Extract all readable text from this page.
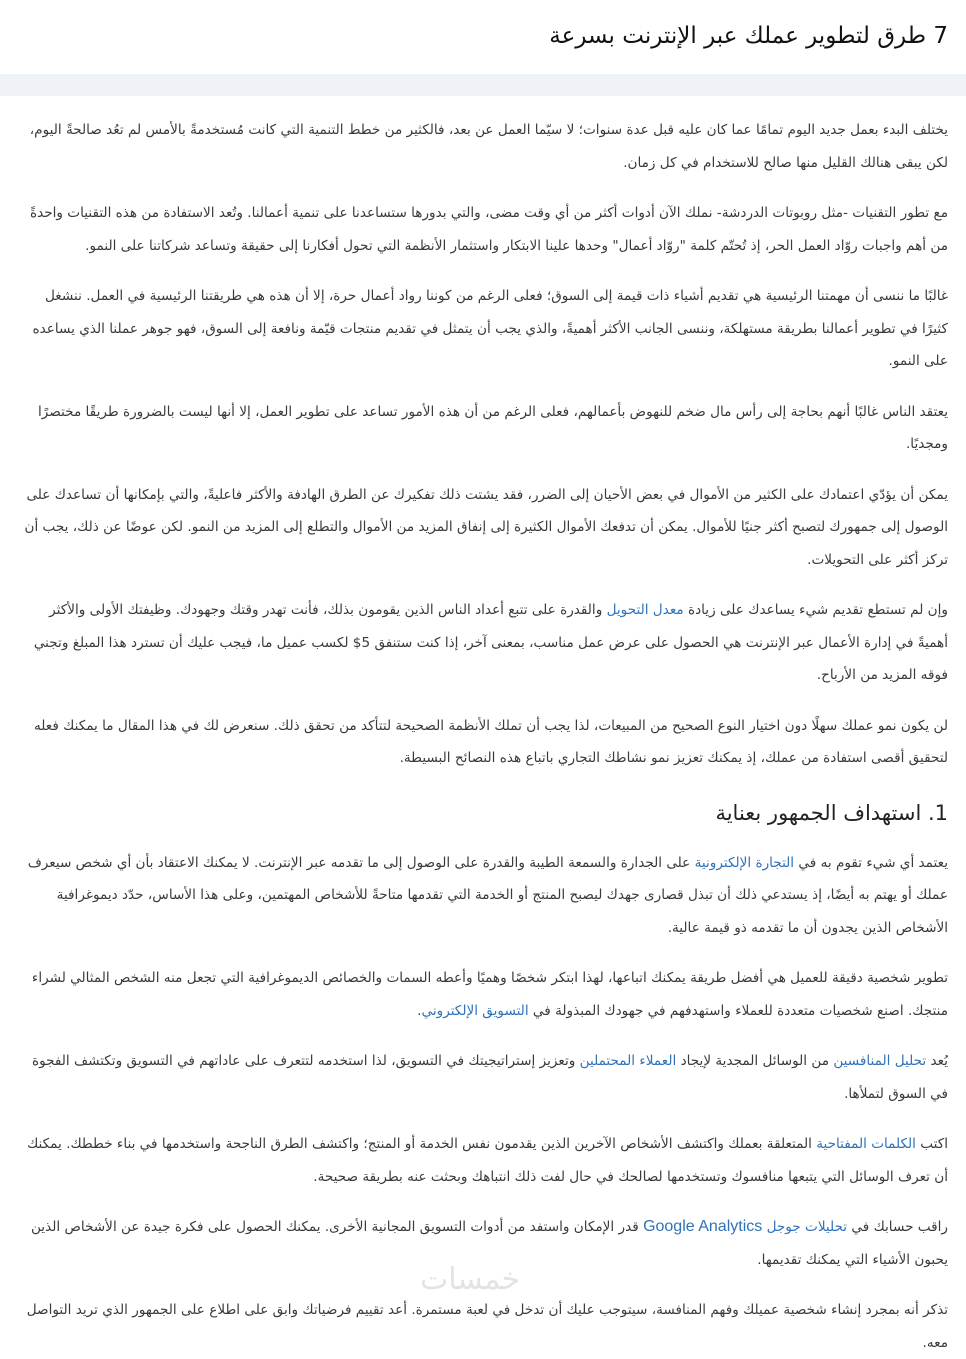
7 طرق لتطوير عملك عبر الإنترنت بسرعة

يختلف البدء بعمل جديد اليوم تمامًا عما كان عليه قبل عدة سنوات؛ لا سيّما العمل عن بعد، فالكثير من خطط التنمية التي كانت مُستخدمةً بالأمس لم تعُد صالحةً اليوم، لكن يبقى هنالك القليل منها صالح للاستخدام في كل زمان.

مع تطور التقنيات -مثل روبوتات الدردشة- نملك الآن أدوات أكثر من أي وقت مضى، والتي بدورها ستساعدنا على تنمية أعمالنا. وتُعد الاستفادة من هذه التقنيات واحدةً من أهم واجبات روّاد العمل الحر، إذ تُحتّم كلمة "روّاد أعمال" وحدها علينا الابتكار واستثمار الأنظمة التي تحول أفكارنا إلى حقيقة وتساعد شركاتنا على النمو.

غالبًا ما ننسى أن مهمتنا الرئيسية هي تقديم أشياء ذات قيمة إلى السوق؛ فعلى الرغم من كوننا رواد أعمال حرة، إلا أن هذه هي طريقتنا الرئيسية في العمل. ننشغل كثيرًا في تطوير أعمالنا بطريقة مستهلكة، وننسى الجانب الأكثر أهميةً، والذي يجب أن يتمثل في تقديم منتجات قيّمة ونافعة إلى السوق، فهو جوهر عملنا الذي يساعده على النمو.

يعتقد الناس غالبًا أنهم بحاجة إلى رأس مال ضخم للنهوض بأعمالهم، فعلى الرغم من أن هذه الأمور تساعد على تطوير العمل، إلا أنها ليست بالضرورة طريقًا مختصرًا ومجديًا.

يمكن أن يؤدّي اعتمادك على الكثير من الأموال في بعض الأحيان إلى الضرر، فقد يشتت ذلك تفكيرك عن الطرق الهادفة والأكثر فاعليةً، والتي بإمكانها أن تساعدك على الوصول إلى جمهورك لتصبح أكثر جنيًا للأموال. يمكن أن تدفعك الأموال الكثيرة إلى إنفاق المزيد من الأموال والتطلع إلى المزيد من النمو. لكن عوضًا عن ذلك، يجب أن تركز أكثر على التحويلات.

وإن لم تستطع تقديم شيء يساعدك على زيادة معدل التحويل والقدرة على تتبع أعداد الناس الذين يقومون بذلك، فأنت تهدر وقتك وجهودك. وظيفتك الأولى والأكثر أهميةً في إدارة الأعمال عبر الإنترنت هي الحصول على عرض عمل مناسب، بمعنى آخر، إذا كنت ستنفق 5$ لكسب عميل ما، فيجب عليك أن تسترد هذا المبلغ وتجني فوقه المزيد من الأرباح.

لن يكون نمو عملك سهلًا دون اختيار النوع الصحيح من المبيعات، لذا يجب أن تملك الأنظمة الصحيحة لتتأكد من تحقق ذلك. سنعرض لك في هذا المقال ما يمكنك فعله لتحقيق أقصى استفادة من عملك، إذ يمكنك تعزيز نمو نشاطك التجاري باتباع هذه النصائح البسيطة.

1. استهداف الجمهور بعناية

يعتمد أي شيء تقوم به في التجارة الإلكترونية على الجدارة والسمعة الطيبة والقدرة على الوصول إلى ما تقدمه عبر الإنترنت. لا يمكنك الاعتقاد بأن أي شخص سيعرف عملك أو يهتم به أيضًا، إذ يستدعي ذلك أن تبذل قصارى جهدك ليصبح المنتج أو الخدمة التي تقدمها متاحةً للأشخاص المهتمين، وعلى هذا الأساس، حدّد ديموغرافية الأشخاص الذين يجدون أن ما تقدمه ذو قيمة عالية.

تطوير شخصية دقيقة للعميل هي أفضل طريقة يمكنك اتباعها، لهذا ابتكر شخصًا وهميًا وأعطه السمات والخصائص الديموغرافية التي تجعل منه الشخص المثالي لشراء منتجك. اصنع شخصيات متعددة للعملاء واستهدفهم في جهودك المبذولة في التسويق الإلكتروني.

يُعد تحليل المنافسين من الوسائل المجدية لإيجاد العملاء المحتملين وتعزيز إستراتيجيتك في التسويق، لذا استخدمه لتتعرف على عاداتهم في التسويق وتكتشف الفجوة في السوق لتملأها.

اكتب الكلمات المفتاحية المتعلقة بعملك واكتشف الأشخاص الآخرين الذين يقدمون نفس الخدمة أو المنتج؛ واكتشف الطرق الناجحة واستخدمها في بناء خططك. يمكنك أن تعرف الوسائل التي يتبعها منافسوك وتستخدمها لصالحك في حال لفت ذلك انتباهك وبحثت عنه بطريقة صحيحة.

راقب حسابك في تحليلات جوجل Google Analytics قدر الإمكان واستفد من أدوات التسويق المجانية الأخرى. يمكنك الحصول على فكرة جيدة عن الأشخاص الذين يحبون الأشياء التي يمكنك تقديمها.

تذكر أنه بمجرد إنشاء شخصية عميلك وفهم المنافسة، سيتوجب عليك أن تدخل في لعبة مستمرة. أعد تقييم فرضياتك وابق على اطلاع على الجمهور الذي تريد التواصل معه.

خمسات
